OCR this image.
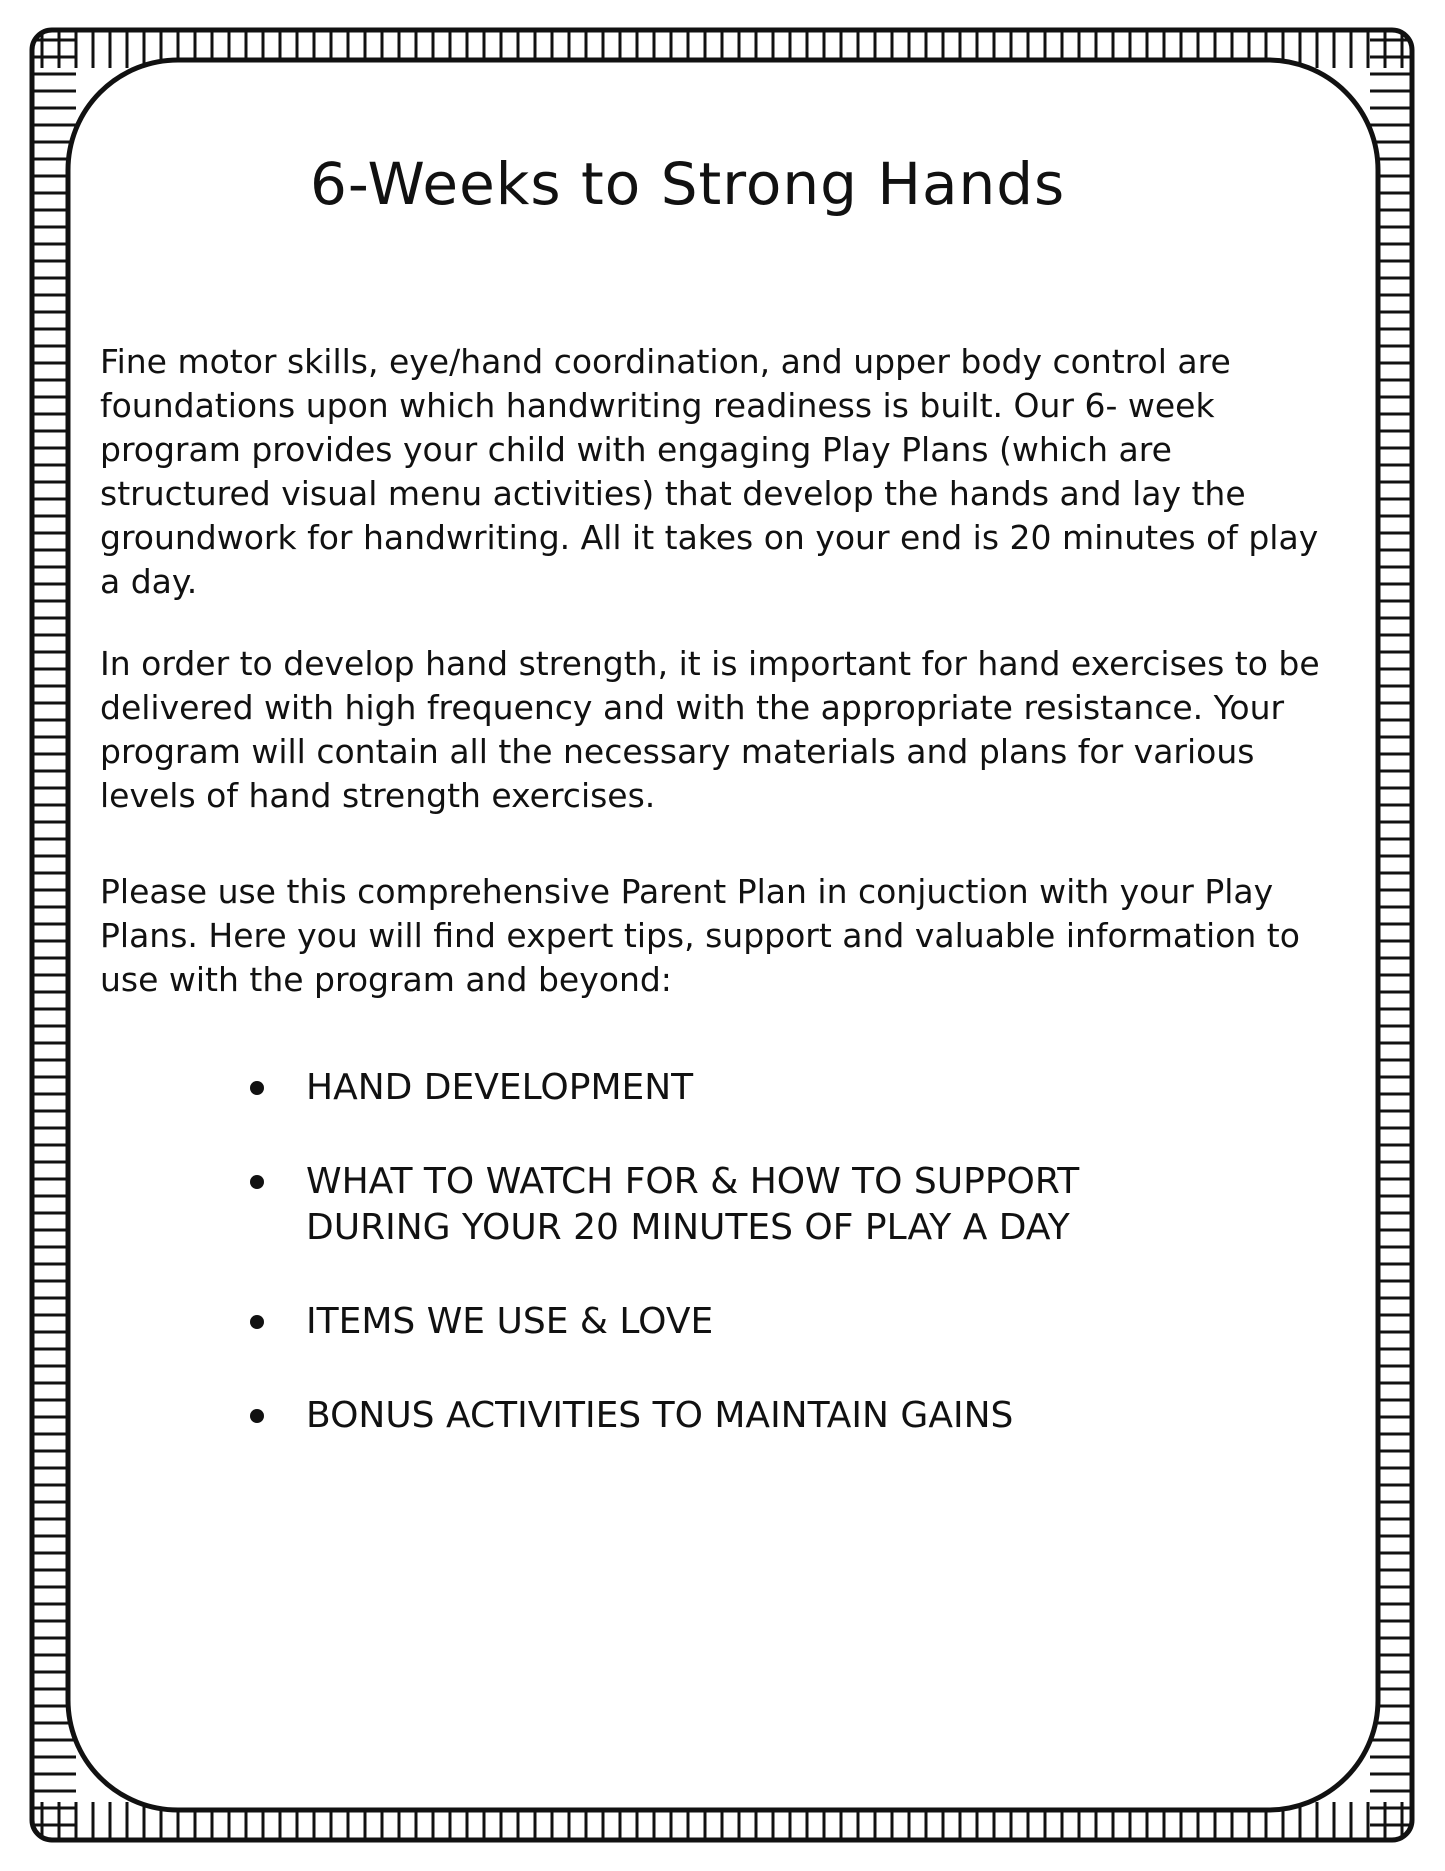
6-Weeks to Strong Hands

Fine motor skills, eye/hand coordination, and upper body control are foundations upon which handwriting readiness is built. Our 6- week program provides your child with engaging Play Plans (which are structured visual menu activities) that develop the hands and lay the groundwork for handwriting. All it takes on your end is 20 minutes of play a day.

In order to develop hand strength, it is important for hand exercises to be delivered with high frequency and with the appropriate resistance. Your program will contain all the necessary materials and plans for various levels of hand strength exercises.

Please use this comprehensive Parent Plan in conjuction with your Play Plans. Here you will find expert tips, support and valuable information to use with the program and beyond:

HAND DEVELOPMENT
WHAT TO WATCH FOR & HOW TO SUPPORT
DURING YOUR 20 MINUTES OF PLAY A DAY
ITEMS WE USE & LOVE
BONUS ACTIVITIES TO MAINTAIN GAINS
